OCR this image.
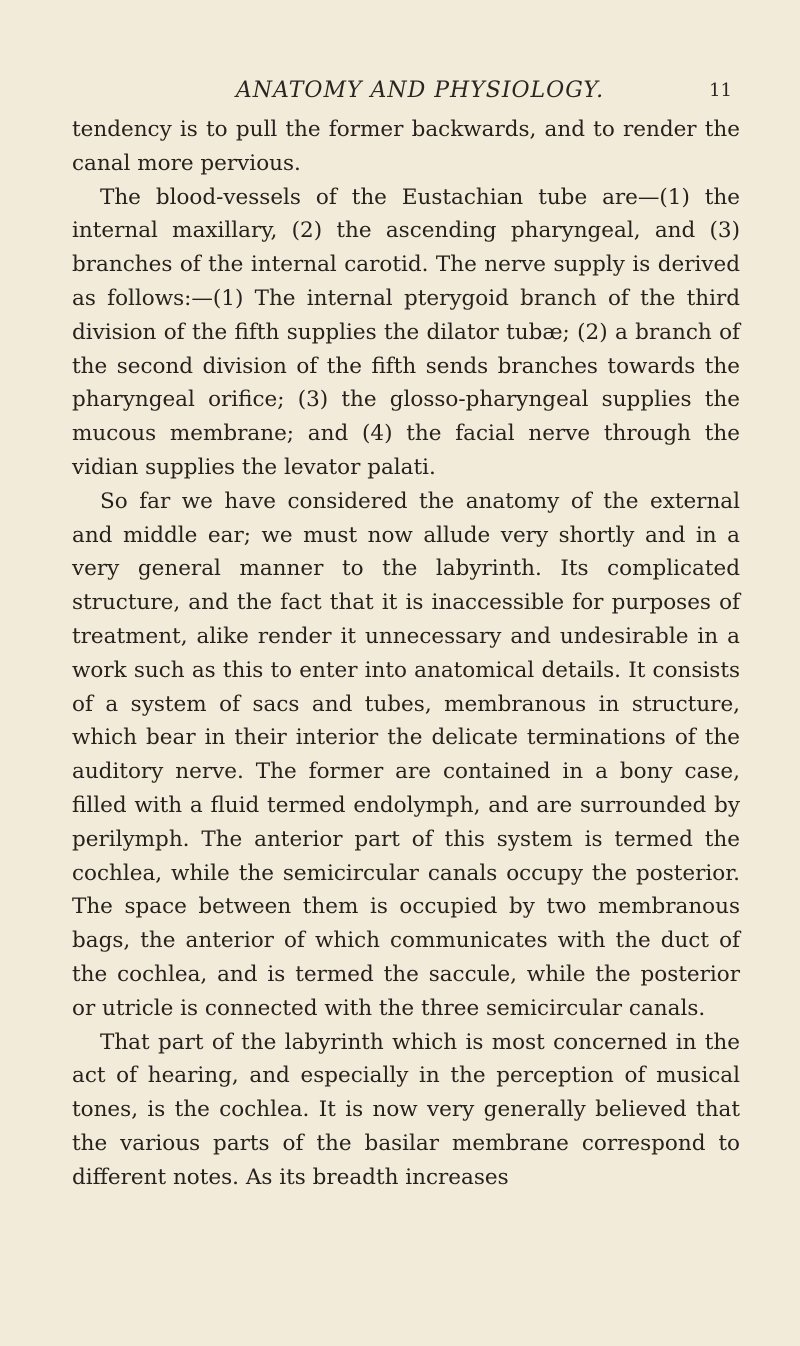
ANATOMY AND PHYSIOLOGY.	11

tendency is to pull the former backwards, and to render the canal more pervious.

The blood-vessels of the Eustachian tube are—(1) the internal maxillary, (2) the ascending pharyngeal, and (3) branches of the internal carotid. The nerve supply is derived as follows:—(1) The internal pterygoid branch of the third division of the fifth supplies the dilator tubæ; (2) a branch of the second division of the fifth sends branches towards the pharyngeal orifice; (3) the glosso-pharyngeal supplies the mucous membrane; and (4) the facial nerve through the vidian supplies the levator palati.

So far we have considered the anatomy of the external and middle ear; we must now allude very shortly and in a very general manner to the labyrinth. Its complicated structure, and the fact that it is inaccessible for purposes of treatment, alike render it unnecessary and undesirable in a work such as this to enter into anatomical details. It consists of a system of sacs and tubes, membranous in structure, which bear in their interior the delicate terminations of the auditory nerve. The former are contained in a bony case, filled with a fluid termed endolymph, and are surrounded by perilymph. The anterior part of this system is termed the cochlea, while the semicircular canals occupy the posterior. The space between them is occupied by two membranous bags, the anterior of which communicates with the duct of the cochlea, and is termed the saccule, while the posterior or utricle is connected with the three semicircular canals.

That part of the labyrinth which is most concerned in the act of hearing, and especially in the perception of musical tones, is the cochlea. It is now very generally believed that the various parts of the basilar membrane correspond to different notes. As its breadth increases
